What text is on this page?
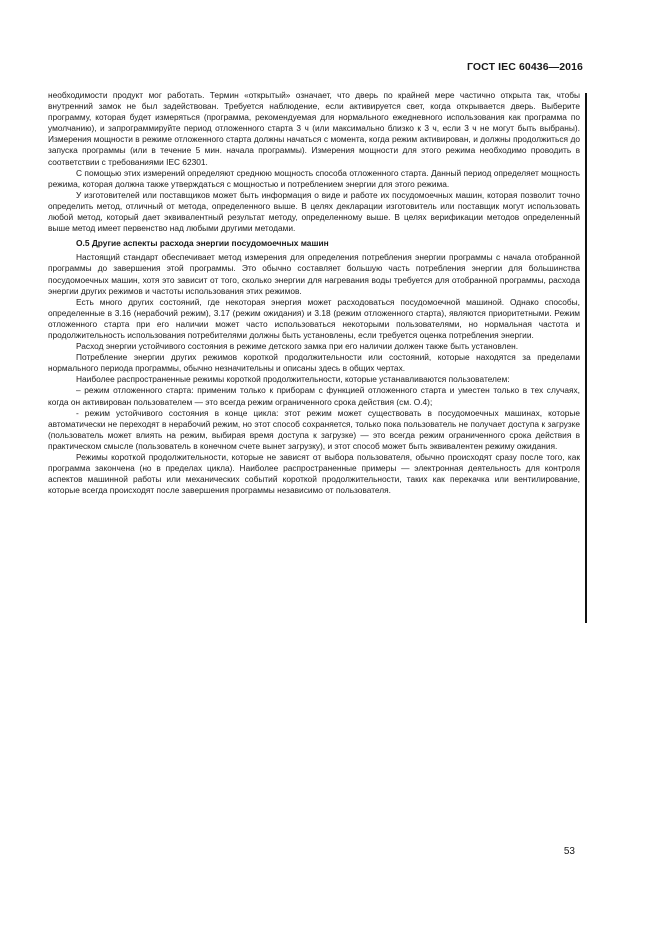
ГОСТ IEC 60436—2016

необходимости продукт мог работать. Термин «открытый» означает, что дверь по крайней мере частично открыта так, чтобы внутренний замок не был задействован. Требуется наблюдение, если активируется свет, когда открывается дверь. Выберите программу, которая будет измеряться (программа, рекомендуемая для нормального ежедневного использования как программа по умолчанию), и запрограммируйте период отложенного старта 3 ч (или максимально близко к 3 ч, если 3 ч не могут быть выбраны). Измерения мощности в режиме отложенного старта должны начаться с момента, когда режим активирован, и должны продолжиться до запуска программы (или в течение 5 мин. начала программы). Измерения мощности для этого режима необходимо проводить в соответствии с требованиями IEC 62301.

С помощью этих измерений определяют среднюю мощность способа отложенного старта. Данный период определяет мощность режима, которая должна также утверждаться с мощностью и потреблением энергии для этого режима.

У изготовителей или поставщиков может быть информация о виде и работе их посудомоечных машин, которая позволит точно определить метод, отличный от метода, определенного выше. В целях декларации изготовитель или поставщик могут использовать любой метод, который дает эквивалентный результат методу, определенному выше. В целях верификации методов определенный выше метод имеет первенство над любыми другими методами.

О.5 Другие аспекты расхода энергии посудомоечных машин

Настоящий стандарт обеспечивает метод измерения для определения потребления энергии программы с начала отобранной программы до завершения этой программы. Это обычно составляет большую часть потребления энергии для большинства посудомоечных машин, хотя это зависит от того, сколько энергии для нагревания воды требуется для отобранной программы, расхода энергии других режимов и частоты использования этих режимов.

Есть много других состояний, где некоторая энергия может расходоваться посудомоечной машиной. Однако способы, определенные в 3.16 (нерабочий режим), 3.17 (режим ожидания) и 3.18 (режим отложенного старта), являются приоритетными. Режим отложенного старта при его наличии может часто использоваться некоторыми пользователями, но нормальная частота и продолжительность использования потребителями должны быть установлены, если требуется оценка потребления энергии.

Расход энергии устойчивого состояния в режиме детского замка при его наличии должен также быть установлен.

Потребление энергии других режимов короткой продолжительности или состояний, которые находятся за пределами нормального периода программы, обычно незначительны и описаны здесь в общих чертах.

Наиболее распространенные режимы короткой продолжительности, которые устанавливаются пользователем:

– режим отложенного старта: применим только к приборам с функцией отложенного старта и уместен только в тех случаях, когда он активирован пользователем — это всегда режим ограниченного срока действия (см. О.4);

- режим устойчивого состояния в конце цикла: этот режим может существовать в посудомоечных машинах, которые автоматически не переходят в нерабочий режим, но этот способ сохраняется, только пока пользователь не получает доступа к загрузке (пользователь может влиять на режим, выбирая время доступа к загрузке) — это всегда режим ограниченного срока действия в практическом смысле (пользователь в конечном счете вынет загрузку), и этот способ может быть эквивалентен режиму ожидания.

Режимы короткой продолжительности, которые не зависят от выбора пользователя, обычно происходят сразу после того, как программа закончена (но в пределах цикла). Наиболее распространенные примеры — электронная деятельность для контроля аспектов машинной работы или механических событий короткой продолжительности, таких как перекачка или вентилирование, которые всегда происходят после завершения программы независимо от пользователя.

53
